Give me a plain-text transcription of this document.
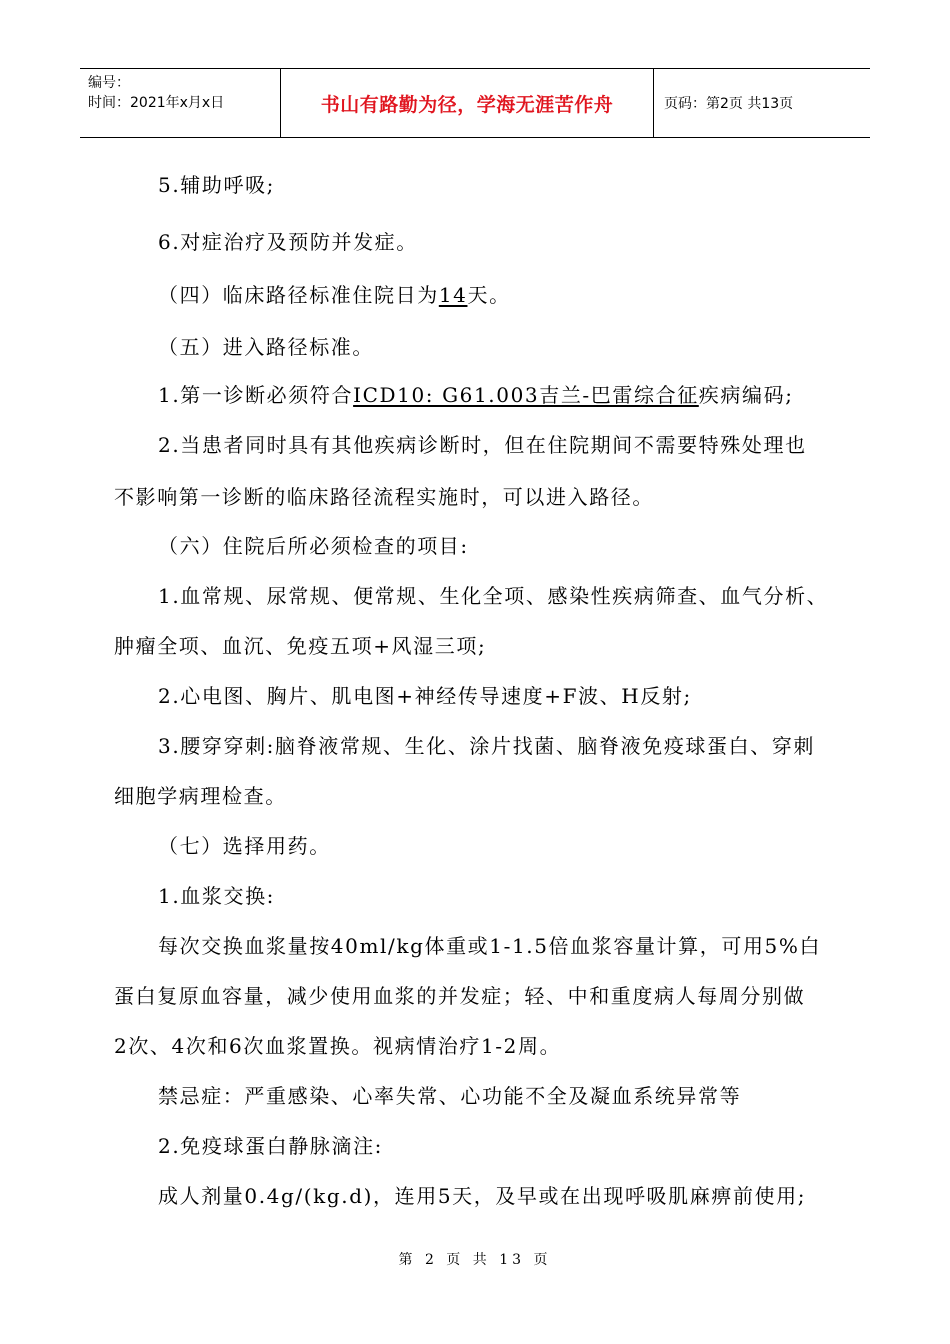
编号：
时间：2021年x月x日	书山有路勤为径，学海无涯苦作舟	页码：第2页 共13页
5.辅助呼吸;
6.对症治疗及预防并发症。
（四）临床路径标准住院日为14天。
（五）进入路径标准。
1.第一诊断必须符合ICD10: G61.003吉兰-巴雷综合征疾病编码;
2.当患者同时具有其他疾病诊断时，但在住院期间不需要特殊处理也
不影响第一诊断的临床路径流程实施时，可以进入路径。
（六）住院后所必须检查的项目:
1.血常规、尿常规、便常规、生化全项、感染性疾病筛查、血气分析、
肿瘤全项、血沉、免疫五项+风湿三项;
2.心电图、胸片、肌电图+神经传导速度+F波、H反射;
3.腰穿穿刺:脑脊液常规、生化、涂片找菌、脑脊液免疫球蛋白、穿刺
细胞学病理检查。
（七）选择用药。
1.血浆交换:
每次交换血浆量按40ml/kg体重或1-1.5倍血浆容量计算，可用5%白
蛋白复原血容量，减少使用血浆的并发症；轻、中和重度病人每周分别做
2次、4次和6次血浆置换。视病情治疗1-2周。
禁忌症：严重感染、心率失常、心功能不全及凝血系统异常等
2.免疫球蛋白静脉滴注:
成人剂量0.4g/(kg.d)，连用5天，及早或在出现呼吸肌麻痹前使用;
第 2 页 共 13 页
